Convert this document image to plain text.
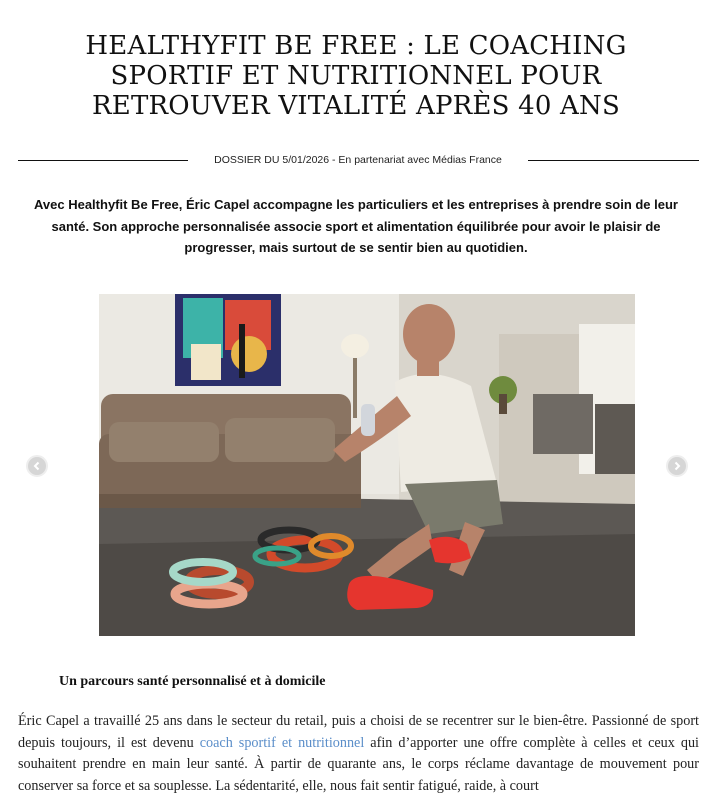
HEALTHYFIT BE FREE : LE COACHING SPORTIF ET NUTRITIONNEL POUR RETROUVER VITALITÉ APRÈS 40 ANS
DOSSIER DU 5/01/2026 - En partenariat avec Médias France

Avec Healthyfit Be Free, Éric Capel accompagne les particuliers et les entreprises à prendre soin de leur santé. Son approche personnalisée associe sport et alimentation équilibrée pour avoir le plaisir de progresser, mais surtout de se sentir bien au quotidien.

Un parcours santé personnalisé et à domicile

Éric Capel a travaillé 25 ans dans le secteur du retail, puis a choisi de se recentrer sur le bien-être. Passionné de sport depuis toujours, il est devenu coach sportif et nutritionnel afin d’apporter une offre complète à celles et ceux qui souhaitent prendre en main leur santé. À partir de quarante ans, le corps réclame davantage de mouvement pour conserver sa force et sa souplesse. La sédentarité, elle, nous fait sentir fatigué, raide, à court
